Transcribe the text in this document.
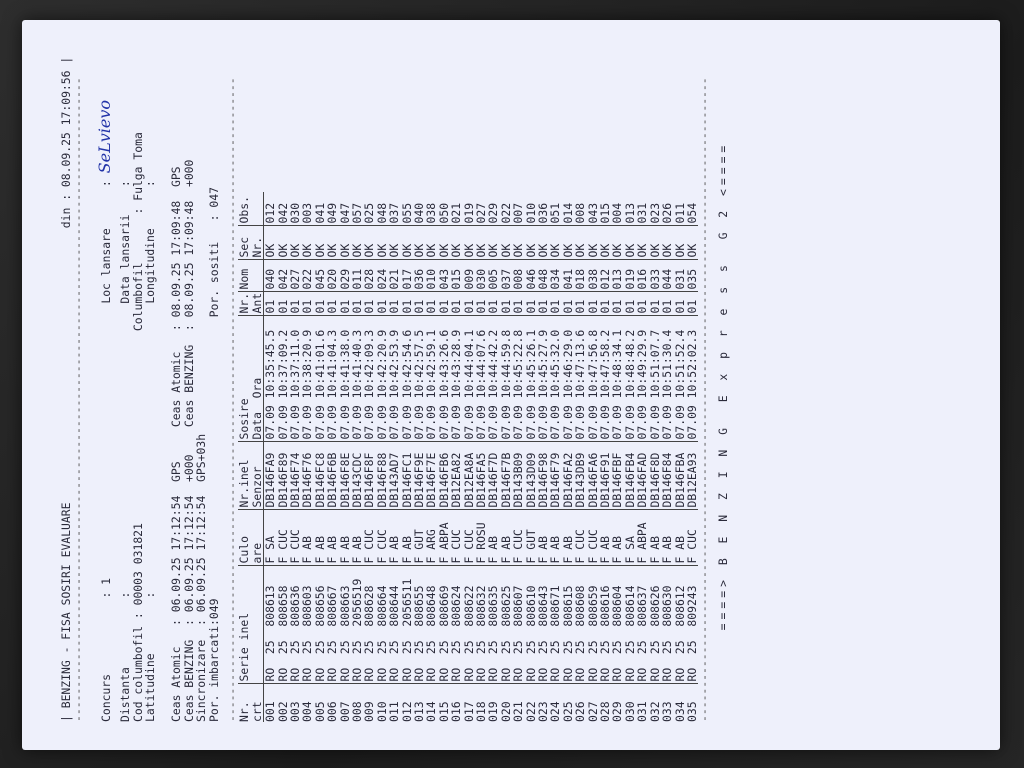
| BENZING - FISA SOSIRI EVALUARE                                        din : 08.09.25 17:09:56 |
---------------------------------------------------------------------------------------------- Concurs           : 1                                        Loc lansare      : SeLvievo
Distanta          :                                          Data lansarii    :
Cod columbofil : 00003 031821                            Columbofil       : Fulga Toma
Latitudine        :                                          Longitudine      :
Ceas Atomic   : 06.09.25 17:12:54  GPS     Ceas Atomic   : 08.09.25 17:09:48  GPS
Ceas BENZING  : 06.09.25 17:12:54  +000    Ceas BENZING  : 08.09.25 17:09:48  +000
Sincronizare  : 06.09.25 17:12:54  GPS+03h
Por. imbarcati:049                                         Por. sositi   : 047 ----------------------------------------------------------------------------------------------
Nr.	Serie inel	Culo	Nr.inel	Sosire	Nr.	Nom	Sec	Obs.
crt		are	Senzor	Data  Ora	Ant		Nr.	
001	RO  25  808613	F SA	DB146FA9	07.09 10:35:45.5	01	040	OK	012
002	RO  25  808658	F CUC	DB146F89	07.09 10:37:09.2	01	042	OK	042
003	RO  25  808636	F CUC	DB146F74	07.09 10:37:11.0	01	027	OK	030
004	RO  25  808603	F AB	DB146F76	07.09 10:38:20.9	01	022	OK	003
005	RO  25  808656	F AB	DB146FC8	07.09 10:41:01.6	01	045	OK	041
006	RO  25  808667	F AB	DB146F6B	07.09 10:41:04.3	01	020	OK	049
007	RO  25  808663	F AB	DB146F8E	07.09 10:41:38.0	01	029	OK	047
008	RO  25  2056519	F AB	DB143CDC	07.09 10:41:40.3	01	011	OK	057
009	RO  25  808628	F CUC	DB146F8F	07.09 10:42:09.3	01	028	OK	025
010	RO  25  808664	F CUC	DB146F88	07.09 10:42:20.9	01	024	OK	048
011	RO  25  808644	F AB	DB143AD7	07.09 10:42:53.9	01	021	OK	037
012	RO  25  2056511	F AB	DB146FC1	07.09 10:42:54.6	01	017	OK	055
013	RO  25  808655	F GUT	DB146F9E	07.09 10:42:57.5	01	036	OK	040
014	RO  25  808648	F ARG	DB146F7E	07.09 10:42:59.1	01	010	OK	038
015	RO  25  808669	F ABPA	DB146FB6	07.09 10:43:26.6	01	043	OK	050
016	RO  25  808624	F CUC	DB12EA82	07.09 10:43:28.9	01	015	OK	021
017	RO  25  808622	F CUC	DB12EA8A	07.09 10:44:04.1	01	009	OK	019
018	RO  25  808632	F ROSU	DB146FA5	07.09 10:44:07.6	01	030	OK	027
019	RO  25  808635	F AB	DB146F7D	07.09 10:44:42.2	01	005	OK	029
020	RO  25  808625	F AB	DB146F7B	07.09 10:44:59.8	01	037	OK	022
021	RO  25  808607	F CUC	DB143B09	07.09 10:45:22.8	01	008	OK	007
022	RO  25  808610	F GUT	DB143D09	07.09 10:45:26.1	01	046	OK	010
023	RO  25  808643	F AB	DB146F98	07.09 10:45:27.9	01	048	OK	036
024	RO  25  808671	F AB	DB146F79	07.09 10:45:32.0	01	034	OK	051
025	RO  25  808615	F AB	DB146FA2	07.09 10:46:29.0	01	041	OK	014
026	RO  25  808608	F CUC	DB143DB9	07.09 10:47:13.6	01	018	OK	008
027	RO  25  808659	F CUC	DB146FA6	07.09 10:47:56.8	01	038	OK	043
028	RO  25  808616	F AB	DB146F91	07.09 10:47:58.2	01	012	OK	015
029	RO  25  808604	F AB	DB146FBF	07.09 10:48:34.1	01	013	OK	004
030	RO  25  808614	F SA	DB146FB4	07.09 10:48:48.2	01	019	OK	013
031	RO  25  808637	F ABPA	DB146FAD	07.09 10:49:29.9	01	016	OK	031
032	RO  25  808626	F AB	DB146F8D	07.09 10:51:07.7	01	033	OK	023
033	RO  25  808630	F AB	DB146F84	07.09 10:51:30.4	01	044	OK	026
034	RO  25  808612	F AB	DB146FBA	07.09 10:51:52.4	01	031	OK	011
035	RO  25  809243	F CUC	DB12EA93	07.09 10:52:02.3	01	035	OK	054
---------------------------------------------------------------------------------------------- ====> B E N Z I N G  E x p r e s s  G 2 <====
